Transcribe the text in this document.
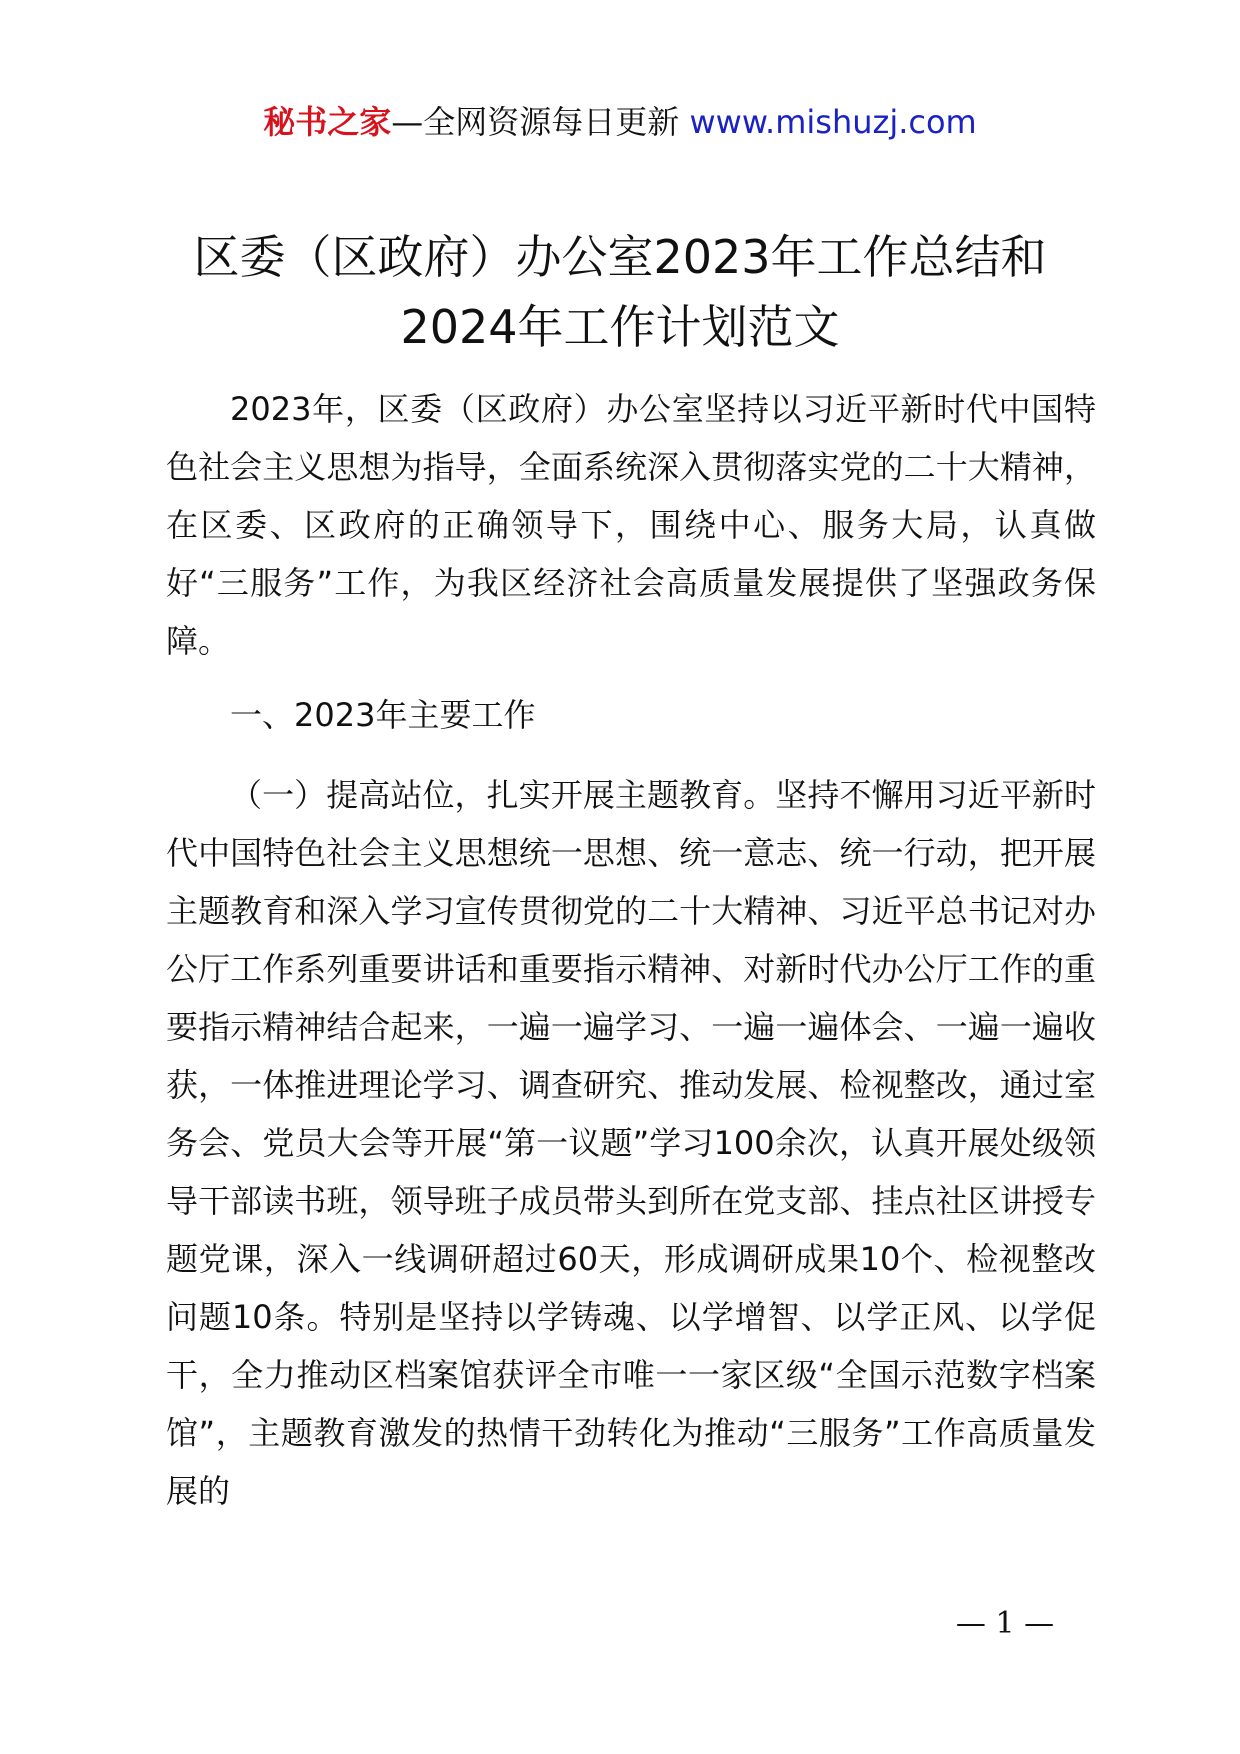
秘书之家—全网资源每日更新 www.mishuzj.com
区委（区政府）办公室2023年工作总结和
2024年工作计划范文

2023年，区委（区政府）办公室坚持以习近平新时代中国特色社会主义思想为指导，全面系统深入贯彻落实党的二十大精神，在区委、区政府的正确领导下，围绕中心、服务大局，认真做好“三服务”工作，为我区经济社会高质量发展提供了坚强政务保障。

一、2023年主要工作

（一）提高站位，扎实开展主题教育。坚持不懈用习近平新时代中国特色社会主义思想统一思想、统一意志、统一行动，把开展主题教育和深入学习宣传贯彻党的二十大精神、习近平总书记对办公厅工作系列重要讲话和重要指示精神、对新时代办公厅工作的重要指示精神结合起来，一遍一遍学习、一遍一遍体会、一遍一遍收获，一体推进理论学习、调查研究、推动发展、检视整改，通过室务会、党员大会等开展“第一议题”学习100余次，认真开展处级领导干部读书班，领导班子成员带头到所在党支部、挂点社区讲授专题党课，深入一线调研超过60天，形成调研成果10个、检视整改问题10条。特别是坚持以学铸魂、以学增智、以学正风、以学促干，全力推动区档案馆获评全市唯一一家区级“全国示范数字档案馆”，主题教育激发的热情干劲转化为推动“三服务”工作高质量发展的

— 1 —
